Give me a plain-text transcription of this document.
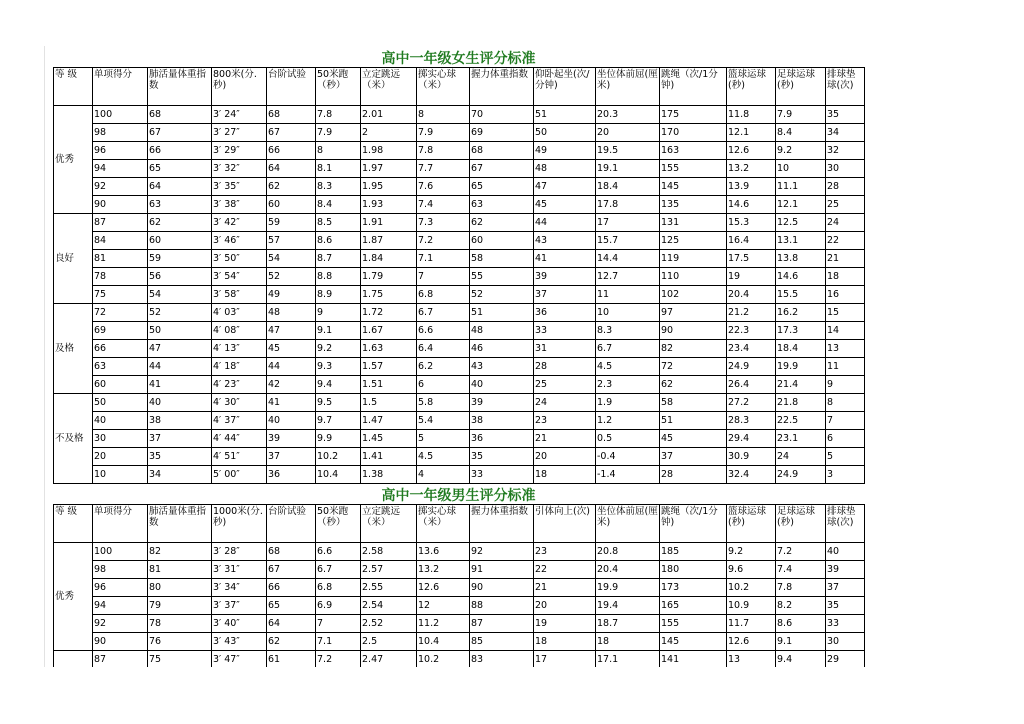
高中一年级女生评分标准
等 级	单项得分	肺活量体重指数	800米(分.秒)	台阶试验	50米跑（秒）	立定跳远（米）	掷实心球（米）	握力体重指数	仰卧起坐(次/分钟)	坐位体前屈(厘米)	跳绳（次/1分钟)	篮球运球(秒)	足球运球(秒)	排球垫球(次)
优秀	100	68	3′ 24″	68	7.8	2.01	8	70	51	20.3	175	11.8	7.9	35
	98	67	3′ 27″	67	7.9	2	7.9	69	50	20	170	12.1	8.4	34
	96	66	3′ 29″	66	8	1.98	7.8	68	49	19.5	163	12.6	9.2	32
	94	65	3′ 32″	64	8.1	1.97	7.7	67	48	19.1	155	13.2	10	30
	92	64	3′ 35″	62	8.3	1.95	7.6	65	47	18.4	145	13.9	11.1	28
	90	63	3′ 38″	60	8.4	1.93	7.4	63	45	17.8	135	14.6	12.1	25
良好	87	62	3′ 42″	59	8.5	1.91	7.3	62	44	17	131	15.3	12.5	24
	84	60	3′ 46″	57	8.6	1.87	7.2	60	43	15.7	125	16.4	13.1	22
	81	59	3′ 50″	54	8.7	1.84	7.1	58	41	14.4	119	17.5	13.8	21
	78	56	3′ 54″	52	8.8	1.79	7	55	39	12.7	110	19	14.6	18
	75	54	3′ 58″	49	8.9	1.75	6.8	52	37	11	102	20.4	15.5	16
及格	72	52	4′ 03″	48	9	1.72	6.7	51	36	10	97	21.2	16.2	15
	69	50	4′ 08″	47	9.1	1.67	6.6	48	33	8.3	90	22.3	17.3	14
	66	47	4′ 13″	45	9.2	1.63	6.4	46	31	6.7	82	23.4	18.4	13
	63	44	4′ 18″	44	9.3	1.57	6.2	43	28	4.5	72	24.9	19.9	11
	60	41	4′ 23″	42	9.4	1.51	6	40	25	2.3	62	26.4	21.4	9
不及格	50	40	4′ 30″	41	9.5	1.5	5.8	39	24	1.9	58	27.2	21.8	8
	40	38	4′ 37″	40	9.7	1.47	5.4	38	23	1.2	51	28.3	22.5	7
	30	37	4′ 44″	39	9.9	1.45	5	36	21	0.5	45	29.4	23.1	6
	20	35	4′ 51″	37	10.2	1.41	4.5	35	20	-0.4	37	30.9	24	5
	10	34	5′ 00″	36	10.4	1.38	4	33	18	-1.4	28	32.4	24.9	3
高中一年级男生评分标准
等 级	单项得分	肺活量体重指数	1000米(分.秒)	台阶试验	50米跑（秒）	立定跳远（米）	掷实心球（米）	握力体重指数	引体向上(次)	坐位体前屈(厘米)	跳绳（次/1分钟)	篮球运球(秒)	足球运球(秒)	排球垫球(次)
优秀	100	82	3′ 28″	68	6.6	2.58	13.6	92	23	20.8	185	9.2	7.2	40
	98	81	3′ 31″	67	6.7	2.57	13.2	91	22	20.4	180	9.6	7.4	39
	96	80	3′ 34″	66	6.8	2.55	12.6	90	21	19.9	173	10.2	7.8	37
	94	79	3′ 37″	65	6.9	2.54	12	88	20	19.4	165	10.9	8.2	35
	92	78	3′ 40″	64	7	2.52	11.2	87	19	18.7	155	11.7	8.6	33
	90	76	3′ 43″	62	7.1	2.5	10.4	85	18	18	145	12.6	9.1	30
	87	75	3′ 47″	61	7.2	2.47	10.2	83	17	17.1	141	13	9.4	29
